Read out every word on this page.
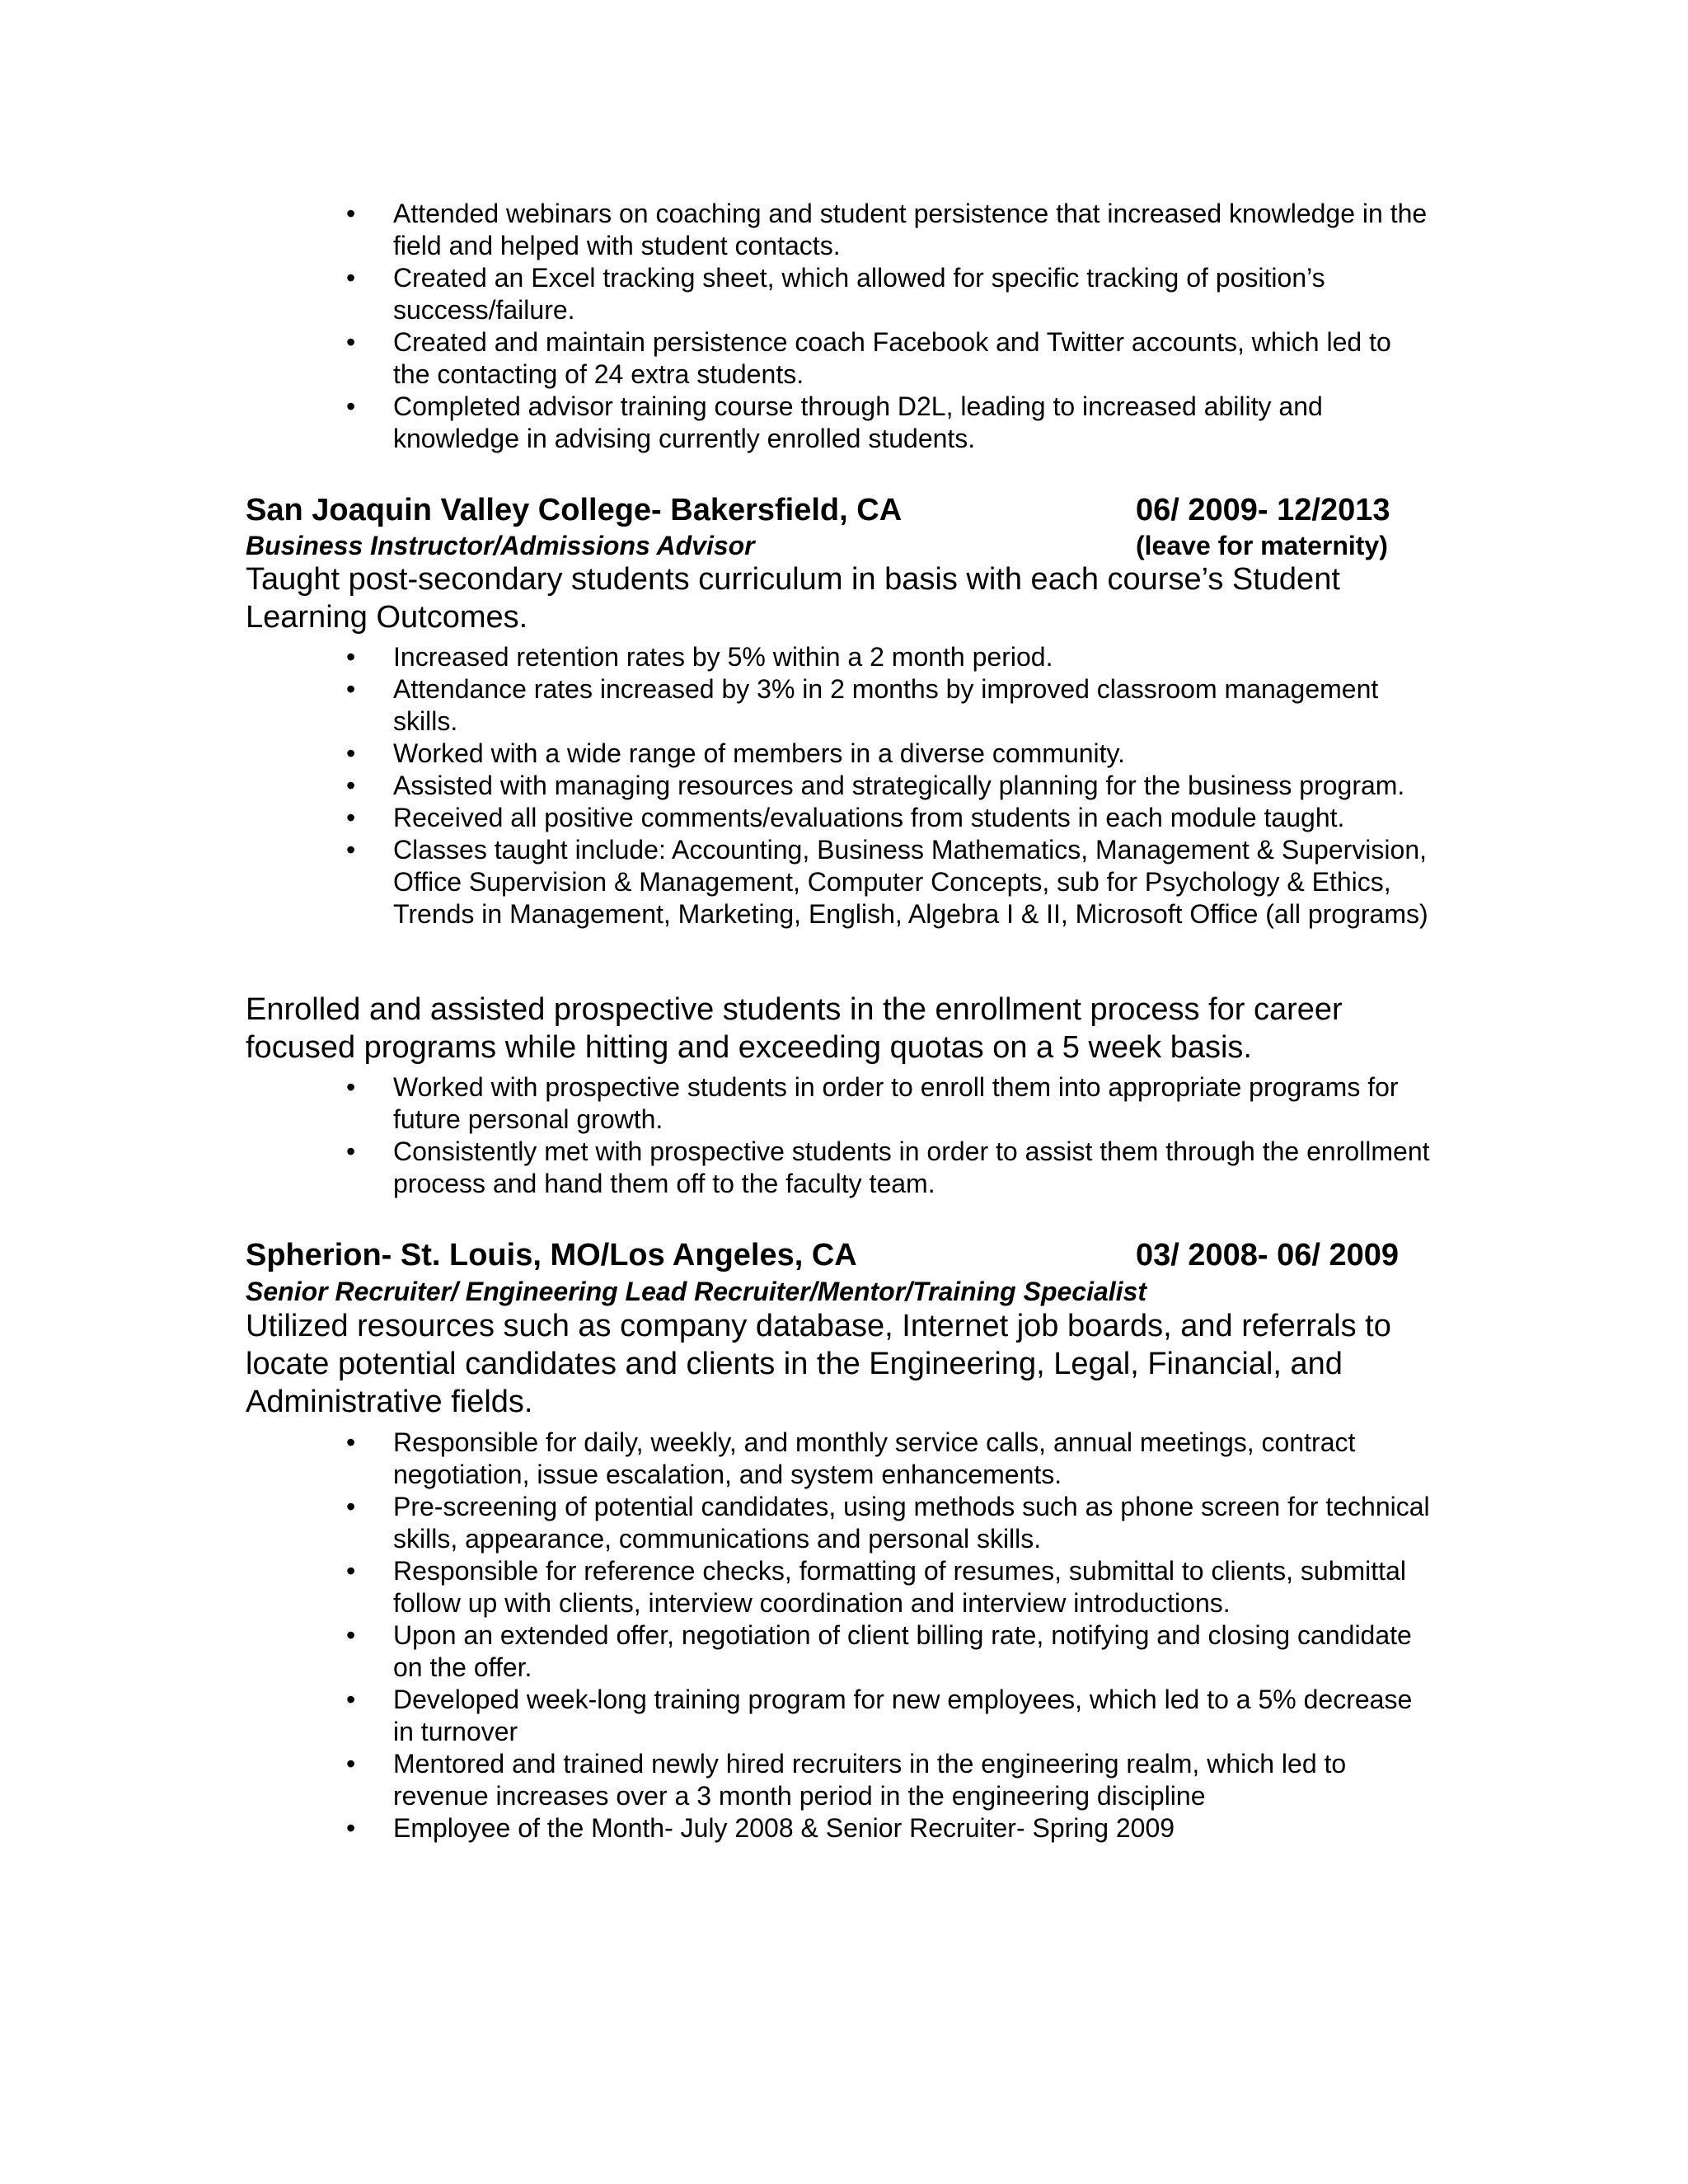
• Attended webinars on coaching and student persistence that increased knowledge in the field and helped with student contacts.
• Created an Excel tracking sheet, which allowed for specific tracking of position’s success/failure.
• Created and maintain persistence coach Facebook and Twitter accounts, which led to the contacting of 24 extra students.
• Completed advisor training course through D2L, leading to increased ability and knowledge in advising currently enrolled students.
San Joaquin Valley College- Bakersfield, CA	06/ 2009- 12/2013
Business Instructor/Admissions Advisor	(leave for maternity)

Taught post-secondary students curriculum in basis with each course’s Student Learning Outcomes.

• Increased retention rates by 5% within a 2 month period.
• Attendance rates increased by 3% in 2 months by improved classroom management skills.
• Worked with a wide range of members in a diverse community.
• Assisted with managing resources and strategically planning for the business program.
• Received all positive comments/evaluations from students in each module taught.
• Classes taught include: Accounting, Business Mathematics, Management & Supervision, Office Supervision & Management, Computer Concepts, sub for Psychology & Ethics, Trends in Management, Marketing, English, Algebra I & II, Microsoft Office (all programs)

Enrolled and assisted prospective students in the enrollment process for career focused programs while hitting and exceeding quotas on a 5 week basis.

• Worked with prospective students in order to enroll them into appropriate programs for future personal growth.
• Consistently met with prospective students in order to assist them through the enrollment process and hand them off to the faculty team.
Spherion- St. Louis, MO/Los Angeles, CA	03/ 2008- 06/ 2009
Senior Recruiter/ Engineering Lead Recruiter/Mentor/Training Specialist

Utilized resources such as company database, Internet job boards, and referrals to locate potential candidates and clients in the Engineering, Legal, Financial, and Administrative fields.

• Responsible for daily, weekly, and monthly service calls, annual meetings, contract negotiation, issue escalation, and system enhancements.
• Pre-screening of potential candidates, using methods such as phone screen for technical skills, appearance, communications and personal skills.
• Responsible for reference checks, formatting of resumes, submittal to clients, submittal follow up with clients, interview coordination and interview introductions.
• Upon an extended offer, negotiation of client billing rate, notifying and closing candidate on the offer.
• Developed week-long training program for new employees, which led to a 5% decrease in turnover
• Mentored and trained newly hired recruiters in the engineering realm, which led to revenue increases over a 3 month period in the engineering discipline
• Employee of the Month- July 2008 & Senior Recruiter- Spring 2009
